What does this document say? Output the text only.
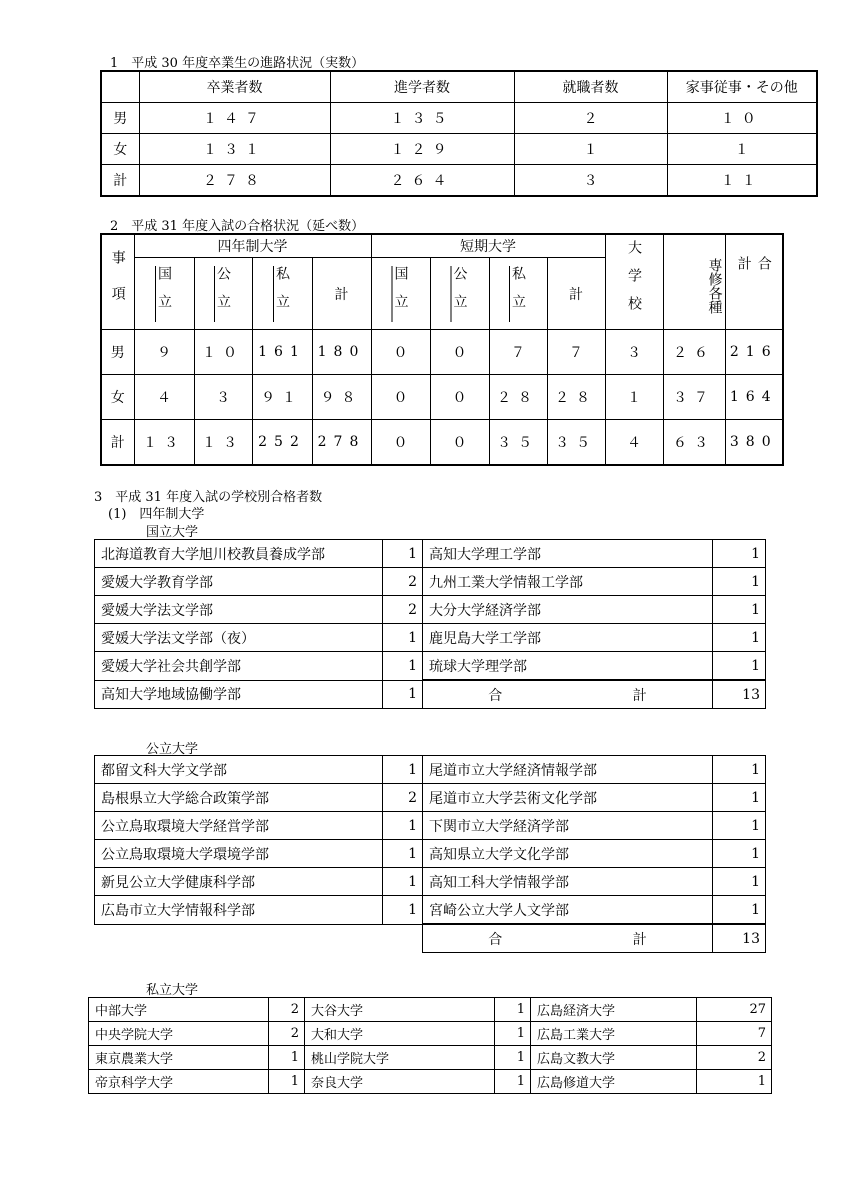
1　平成 30 年度卒業生の進路状況（実数）
	卒業者数	進学者数	就職者数	家事従事・その他
男	１４７	１３５	２	１０
女	１３１	１２９	１	１
計	２７８	２６４	３	１１
2　平成 31 年度入試の合格状況（延べ数）
事項	四年制大学				短期大学				大学校	専修各種	合計
	国立	公立	私立	計	国立	公立	私立	計			
男	９	１０	161	180	０	０	７	７	３	２６	216
女	４	３	９１	９８	０	０	２８	２８	１	３７	164
計	１３	１３	252	278	０	０	３５	３５	４	６３	380
3　平成 31 年度入試の学校別合格者数
(1)　四年制大学
国立大学
北海道教育大学旭川校教員養成学部	1	高知大学理工学部	1
愛媛大学教育学部	2	九州工業大学情報工学部	1
愛媛大学法文学部	2	大分大学経済学部	1
愛媛大学法文学部（夜）	1	鹿児島大学工学部	1
愛媛大学社会共創学部	1	琉球大学理学部	1
高知大学地域協働学部	1	合 計	13
公立大学
都留文科大学文学部	1	尾道市立大学経済情報学部	1
島根県立大学総合政策学部	2	尾道市立大学芸術文化学部	1
公立鳥取環境大学経営学部	1	下関市立大学経済学部	1
公立鳥取環境大学環境学部	1	高知県立大学文化学部	1
新見公立大学健康科学部	1	高知工科大学情報学部	1
広島市立大学情報科学部	1	宮崎公立大学人文学部	1

		合 計	13
私立大学
中部大学	2	大谷大学	1	広島経済大学	27
中央学院大学	2	大和大学	1	広島工業大学	7
東京農業大学	1	桃山学院大学	1	広島文教大学	2
帝京科学大学	1	奈良大学	1	広島修道大学	1
